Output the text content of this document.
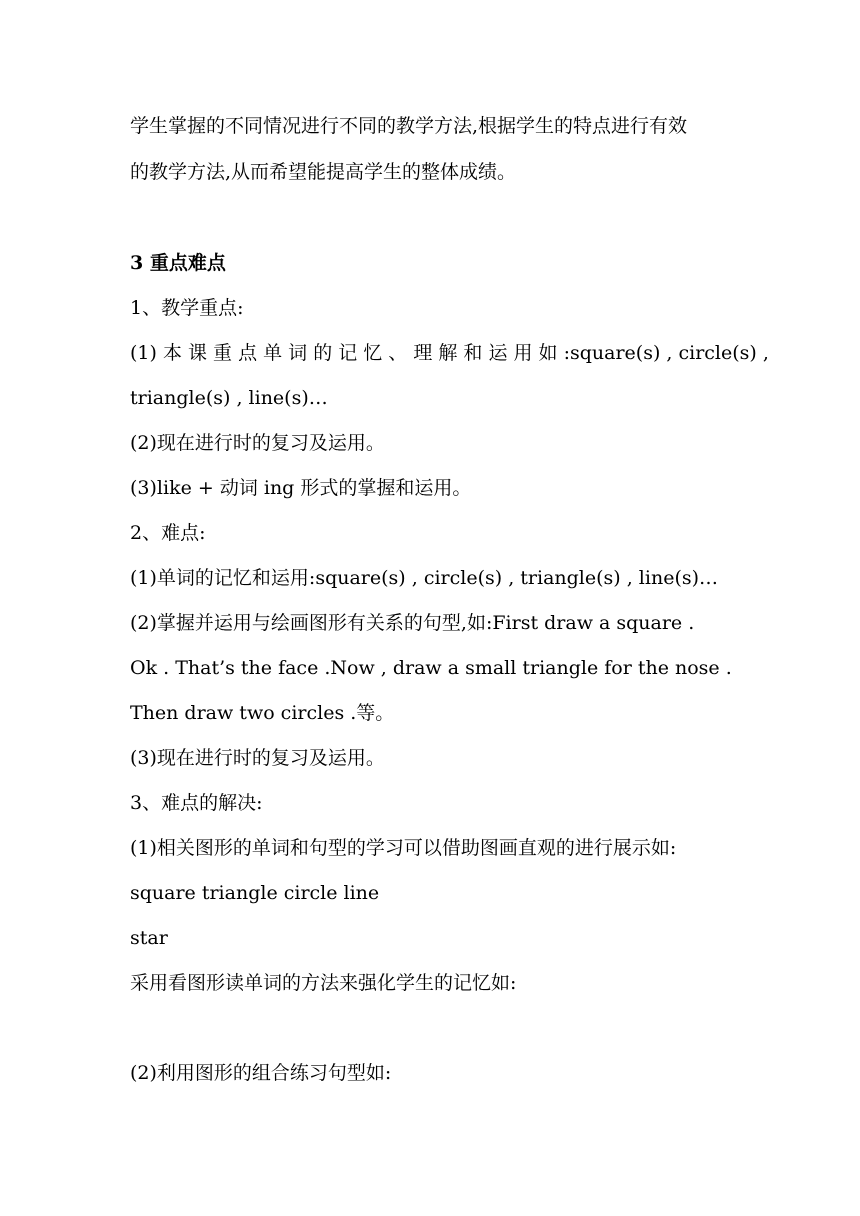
学生掌握的不同情况进行不同的教学方法,根据学生的特点进行有效

的教学方法,从而希望能提高学生的整体成绩。

3 重点难点

1、教学重点:

(1) 本 课 重 点 单 词 的 记 忆 、 理 解 和 运 用 如 :square(s) , circle(s) ,

triangle(s) , line(s)…

(2)现在进行时的复习及运用。

(3)like + 动词 ing 形式的掌握和运用。

2、难点:

(1)单词的记忆和运用:square(s) , circle(s) , triangle(s) , line(s)…

(2)掌握并运用与绘画图形有关系的句型,如:First draw a square .

Ok . That’s the face .Now , draw a small triangle for the nose .

Then draw two circles .等。

(3)现在进行时的复习及运用。

3、难点的解决:

(1)相关图形的单词和句型的学习可以借助图画直观的进行展示如:

square triangle circle line

star

采用看图形读单词的方法来强化学生的记忆如:

(2)利用图形的组合练习句型如:
